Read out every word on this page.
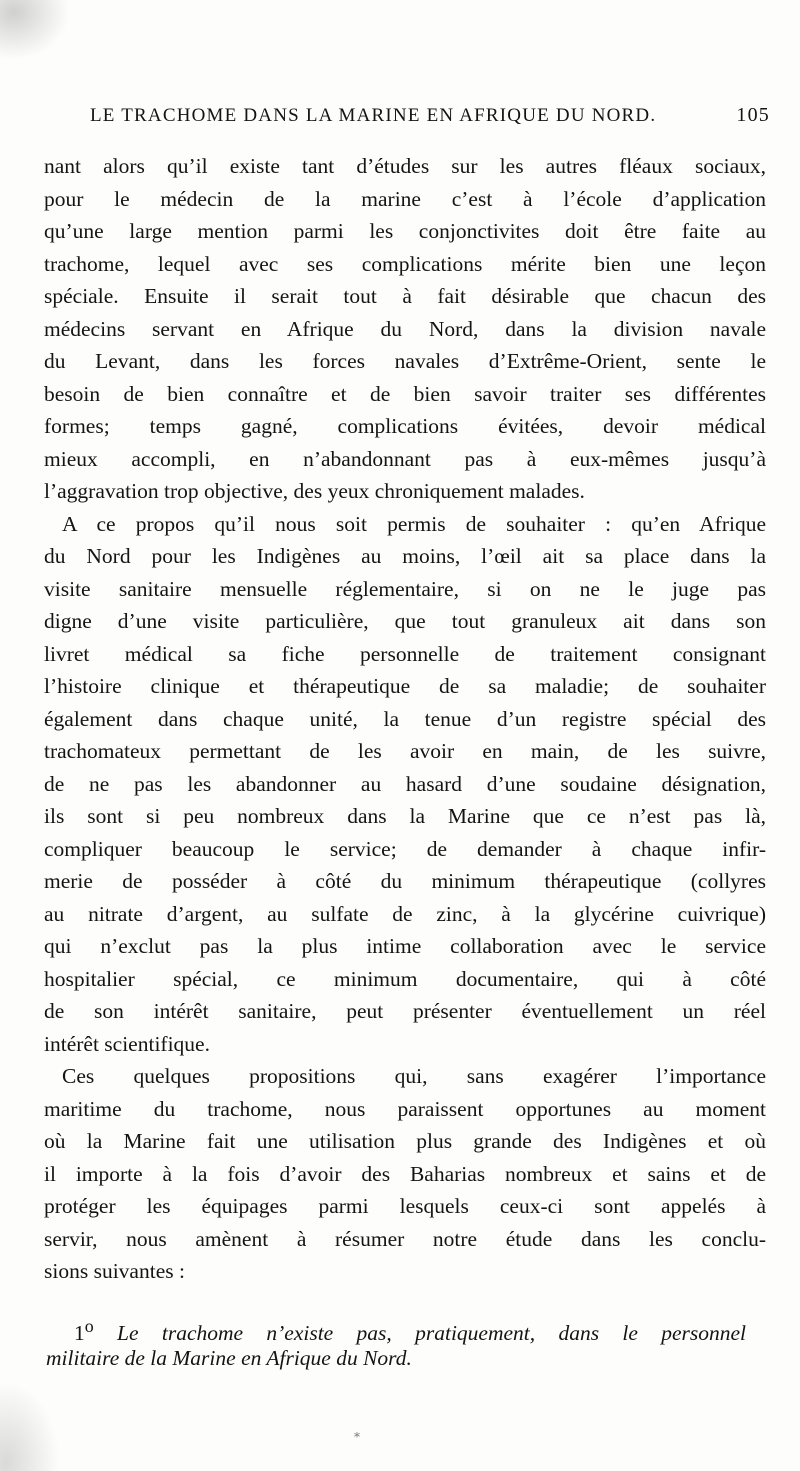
LE TRACHOME DANS LA MARINE EN AFRIQUE DU NORD.	105
nant alors qu’il existe tant d’études sur les autres fléaux sociaux,
pour le médecin de la marine c’est à l’école d’application
qu’une large mention parmi les conjonctivites doit être faite au
trachome, lequel avec ses complications mérite bien une leçon
spéciale. Ensuite il serait tout à fait désirable que chacun des
médecins servant en Afrique du Nord, dans la division navale
du Levant, dans les forces navales d’Extrême-Orient, sente le
besoin de bien connaître et de bien savoir traiter ses différentes
formes; temps gagné, complications évitées, devoir médical
mieux accompli, en n’abandonnant pas à eux-mêmes jusqu’à
l’aggravation trop objective, des yeux chroniquement malades.
A ce propos qu’il nous soit permis de souhaiter : qu’en Afrique
du Nord pour les Indigènes au moins, l’œil ait sa place dans la
visite sanitaire mensuelle réglementaire, si on ne le juge pas
digne d’une visite particulière, que tout granuleux ait dans son
livret médical sa fiche personnelle de traitement consignant
l’histoire clinique et thérapeutique de sa maladie; de souhaiter
également dans chaque unité, la tenue d’un registre spécial des
trachomateux permettant de les avoir en main, de les suivre,
de ne pas les abandonner au hasard d’une soudaine désignation,
ils sont si peu nombreux dans la Marine que ce n’est pas là,
compliquer beaucoup le service; de demander à chaque infir-
merie de posséder à côté du minimum thérapeutique (collyres
au nitrate d’argent, au sulfate de zinc, à la glycérine cuivrique)
qui n’exclut pas la plus intime collaboration avec le service
hospitalier spécial, ce minimum documentaire, qui à côté
de son intérêt sanitaire, peut présenter éventuellement un réel
intérêt scientifique.
Ces quelques propositions qui, sans exagérer l’importance
maritime du trachome, nous paraissent opportunes au moment
où la Marine fait une utilisation plus grande des Indigènes et où
il importe à la fois d’avoir des Baharias nombreux et sains et de
protéger les équipages parmi lesquels ceux-ci sont appelés à
servir, nous amènent à résumer notre étude dans les conclu-
sions suivantes :
1$^o$ Le trachome n’existe pas, pratiquement, dans le personnel
militaire de la Marine en Afrique du Nord.
*
